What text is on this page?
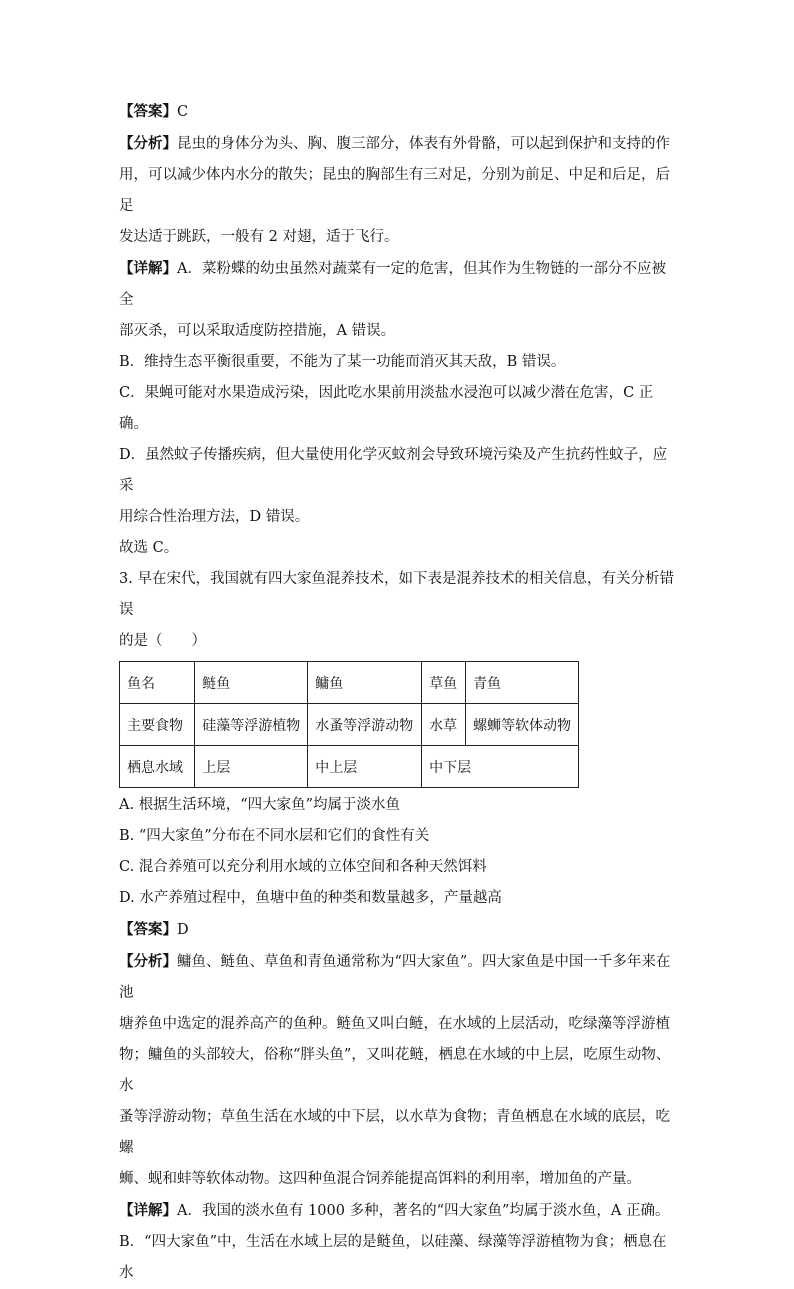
【答案】C

【分析】昆虫的身体分为头、胸、腹三部分，体表有外骨骼，可以起到保护和支持的作

用，可以减少体内水分的散失；昆虫的胸部生有三对足，分别为前足、中足和后足，后足

发达适于跳跃，一般有 2 对翅，适于飞行。

【详解】A．菜粉蝶的幼虫虽然对蔬菜有一定的危害，但其作为生物链的一部分不应被全

部灭杀，可以采取适度防控措施，A 错误。

B．维持生态平衡很重要，不能为了某一功能而消灭其天敌，B 错误。

C．果蝇可能对水果造成污染，因此吃水果前用淡盐水浸泡可以减少潜在危害，C 正确。

D．虽然蚊子传播疾病，但大量使用化学灭蚊剂会导致环境污染及产生抗药性蚊子，应采

用综合性治理方法，D 错误。

故选 C。

3. 早在宋代，我国就有四大家鱼混养技术，如下表是混养技术的相关信息，有关分析错误

的是（　　）

鱼名	鲢鱼	鳙鱼	草鱼	青鱼
主要食物	硅藻等浮游植物	水蚤等浮游动物	水草	螺蛳等软体动物
栖息水域	上层	中上层	中下层	

A. 根据生活环境，“四大家鱼”均属于淡水鱼

B. “四大家鱼”分布在不同水层和它们的食性有关

C. 混合养殖可以充分利用水域的立体空间和各种天然饵料

D. 水产养殖过程中，鱼塘中鱼的种类和数量越多，产量越高

【答案】D

【分析】鳙鱼、鲢鱼、草鱼和青鱼通常称为“四大家鱼”。四大家鱼是中国一千多年来在池

塘养鱼中选定的混养高产的鱼种。鲢鱼又叫白鲢，在水域的上层活动，吃绿藻等浮游植

物；鳙鱼的头部较大，俗称“胖头鱼”，又叫花鲢，栖息在水域的中上层，吃原生动物、水

蚤等浮游动物；草鱼生活在水域的中下层，以水草为食物；青鱼栖息在水域的底层，吃螺

蛳、蚬和蚌等软体动物。这四种鱼混合饲养能提高饵料的利用率，增加鱼的产量。

【详解】A．我国的淡水鱼有 1000 多种，著名的“四大家鱼”均属于淡水鱼，A 正确。

B．“四大家鱼”中，生活在水域上层的是鲢鱼，以硅藻、绿藻等浮游植物为食；栖息在水
